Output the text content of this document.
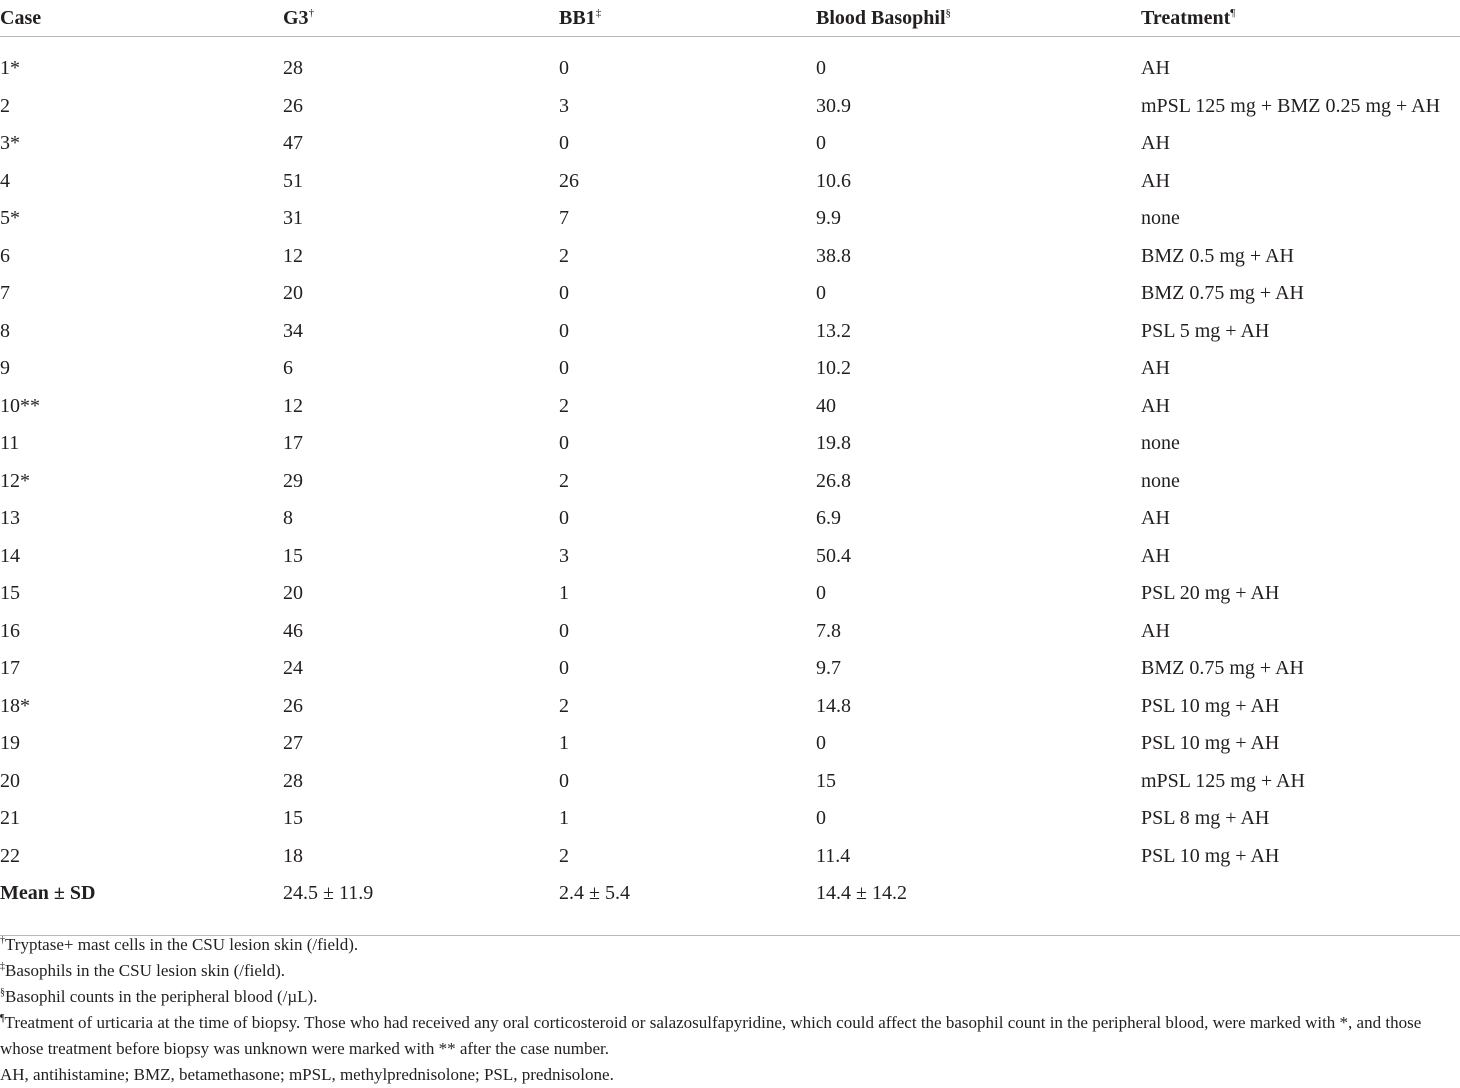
Case	G3†	BB1‡	Blood Basophil§	Treatment¶
1*	28	0	0	AH
2	26	3	30.9	mPSL 125 mg + BMZ 0.25 mg + AH
3*	47	0	0	AH
4	51	26	10.6	AH
5*	31	7	9.9	none
6	12	2	38.8	BMZ 0.5 mg + AH
7	20	0	0	BMZ 0.75 mg + AH
8	34	0	13.2	PSL 5 mg + AH
9	6	0	10.2	AH
10**	12	2	40	AH
11	17	0	19.8	none
12*	29	2	26.8	none
13	8	0	6.9	AH
14	15	3	50.4	AH
15	20	1	0	PSL 20 mg + AH
16	46	0	7.8	AH
17	24	0	9.7	BMZ 0.75 mg + AH
18*	26	2	14.8	PSL 10 mg + AH
19	27	1	0	PSL 10 mg + AH
20	28	0	15	mPSL 125 mg + AH
21	15	1	0	PSL 8 mg + AH
22	18	2	11.4	PSL 10 mg + AH
Mean ± SD	24.5 ± 11.9	2.4 ± 5.4	14.4 ± 14.2	

†Tryptase+ mast cells in the CSU lesion skin (/field).

‡Basophils in the CSU lesion skin (/field).

§Basophil counts in the peripheral blood (/µL).

¶Treatment of urticaria at the time of biopsy. Those who had received any oral corticosteroid or salazosulfapyridine, which could affect the basophil count in the peripheral blood, were marked with *, and those whose treatment before biopsy was unknown were marked with ** after the case number.

AH, antihistamine; BMZ, betamethasone; mPSL, methylprednisolone; PSL, prednisolone.
